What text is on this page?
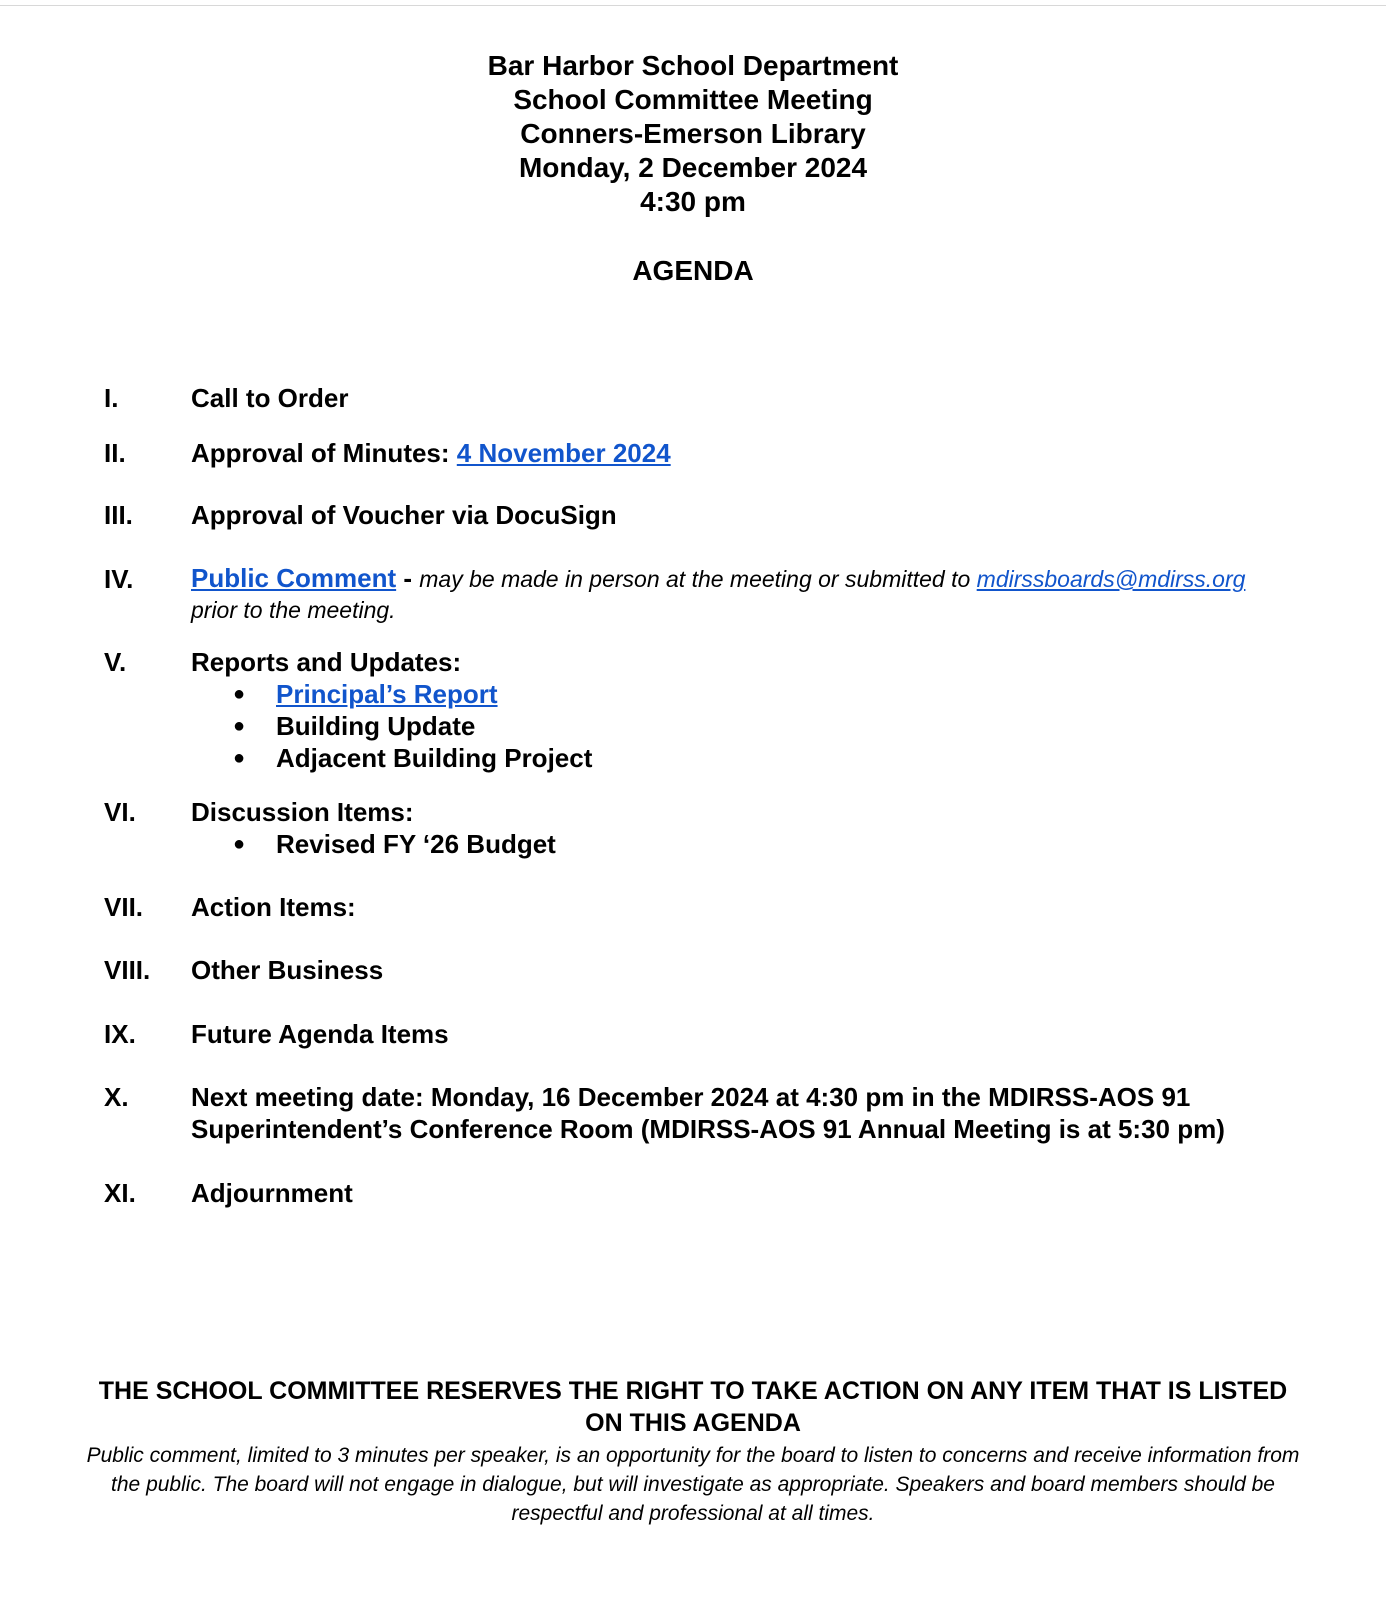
Bar Harbor School Department
School Committee Meeting
Conners-Emerson Library
Monday, 2 December 2024
4:30 pm
AGENDA
I.	Call to Order
II.	Approval of Minutes: 4 November 2024
III. Approval of Voucher via DocuSign
IV. Public Comment - may be made in person at the meeting or submitted to mdirssboards@mdirss.org
prior to the meeting.
V. Reports and Updates:
● Principal’s Report
● Building Update
● Adjacent Building Project
VI. Discussion Items:
● Revised FY ‘26 Budget
VII. Action Items:
VIII. Other Business
IX. Future Agenda Items
X. Next meeting date: Monday, 16 December 2024 at 4:30 pm in the MDIRSS-AOS 91
Superintendent’s Conference Room (MDIRSS-AOS 91 Annual Meeting is at 5:30 pm)
XI. Adjournment
THE SCHOOL COMMITTEE RESERVES THE RIGHT TO TAKE ACTION ON ANY ITEM THAT IS LISTED ON THIS AGENDA
Public comment, limited to 3 minutes per speaker, is an opportunity for the board to listen to concerns and receive information from the public. The board will not engage in dialogue, but will investigate as appropriate. Speakers and board members should be respectful and professional at all times.
